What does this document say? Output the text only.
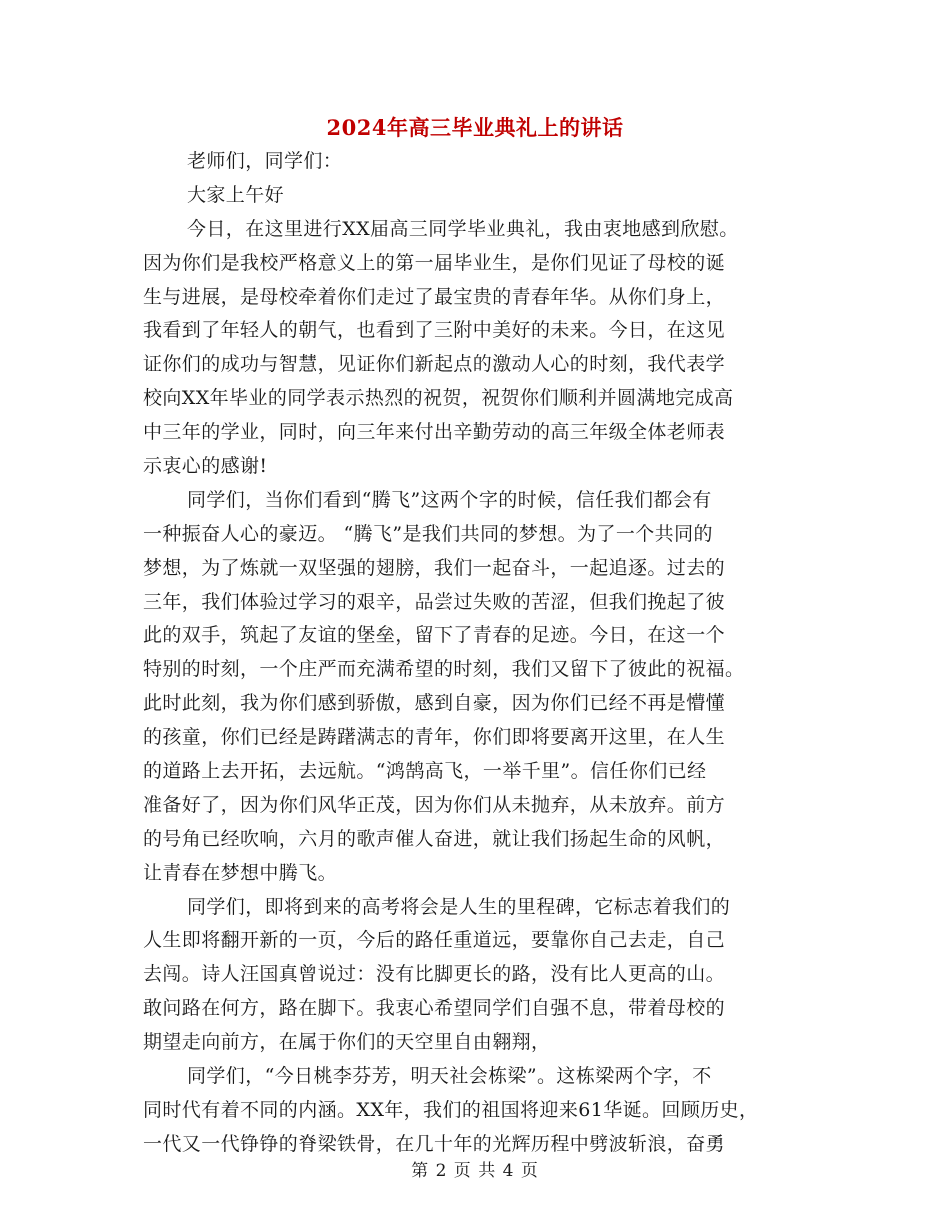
2024年高三毕业典礼上的讲话
老师们，同学们：
大家上午好
今日，在这里进行XX届高三同学毕业典礼，我由衷地感到欣慰。
因为你们是我校严格意义上的第一届毕业生，是你们见证了母校的诞
生与进展，是母校牵着你们走过了最宝贵的青春年华。从你们身上，
我看到了年轻人的朝气，也看到了三附中美好的未来。今日，在这见
证你们的成功与智慧，见证你们新起点的激动人心的时刻，我代表学
校向XX年毕业的同学表示热烈的祝贺，祝贺你们顺利并圆满地完成高
中三年的学业，同时，向三年来付出辛勤劳动的高三年级全体老师表
示衷心的感谢!
同学们，当你们看到“腾飞”这两个字的时候，信任我们都会有
一种振奋人心的豪迈。 “腾飞”是我们共同的梦想。为了一个共同的
梦想，为了炼就一双坚强的翅膀，我们一起奋斗，一起追逐。过去的
三年，我们体验过学习的艰辛，品尝过失败的苦涩，但我们挽起了彼
此的双手，筑起了友谊的堡垒，留下了青春的足迹。今日，在这一个
特别的时刻，一个庄严而充满希望的时刻，我们又留下了彼此的祝福。
此时此刻，我为你们感到骄傲，感到自豪，因为你们已经不再是懵懂
的孩童，你们已经是踌躇满志的青年，你们即将要离开这里，在人生
的道路上去开拓，去远航。“鸿鹄高飞，一举千里”。信任你们已经
准备好了，因为你们风华正茂，因为你们从未抛弃，从未放弃。前方
的号角已经吹响，六月的歌声催人奋进，就让我们扬起生命的风帆，
让青春在梦想中腾飞。
同学们，即将到来的高考将会是人生的里程碑，它标志着我们的
人生即将翻开新的一页，今后的路任重道远，要靠你自己去走，自己
去闯。诗人汪国真曾说过：没有比脚更长的路，没有比人更高的山。
敢问路在何方，路在脚下。我衷心希望同学们自强不息，带着母校的
期望走向前方，在属于你们的天空里自由翱翔，
同学们，“今日桃李芬芳，明天社会栋梁”。这栋梁两个字，不
同时代有着不同的内涵。XX年，我们的祖国将迎来61华诞。回顾历史，
一代又一代铮铮的脊梁铁骨，在几十年的光辉历程中劈波斩浪，奋勇
第 2 页 共 4 页
